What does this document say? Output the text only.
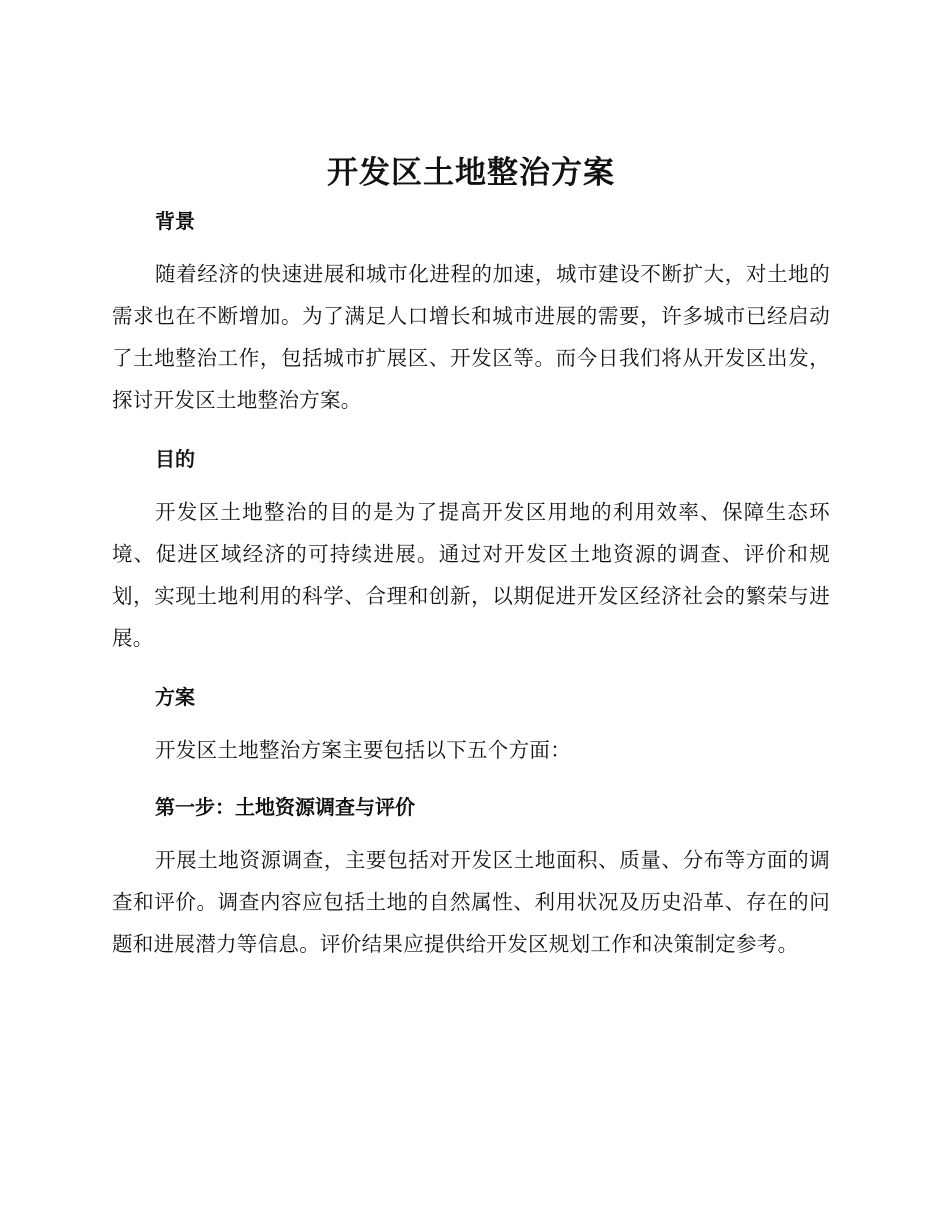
开发区土地整治方案
背景

随着经济的快速进展和城市化进程的加速，城市建设不断扩大，对土地的需求也在不断增加。为了满足人口增长和城市进展的需要，许多城市已经启动了土地整治工作，包括城市扩展区、开发区等。而今日我们将从开发区出发，探讨开发区土地整治方案。

目的

开发区土地整治的目的是为了提高开发区用地的利用效率、保障生态环境、促进区域经济的可持续进展。通过对开发区土地资源的调查、评价和规划，实现土地利用的科学、合理和创新，以期促进开发区经济社会的繁荣与进展。

方案

开发区土地整治方案主要包括以下五个方面：

第一步：土地资源调查与评价

开展土地资源调查，主要包括对开发区土地面积、质量、分布等方面的调查和评价。调查内容应包括土地的自然属性、利用状况及历史沿革、存在的问题和进展潜力等信息。评价结果应提供给开发区规划工作和决策制定参考。
